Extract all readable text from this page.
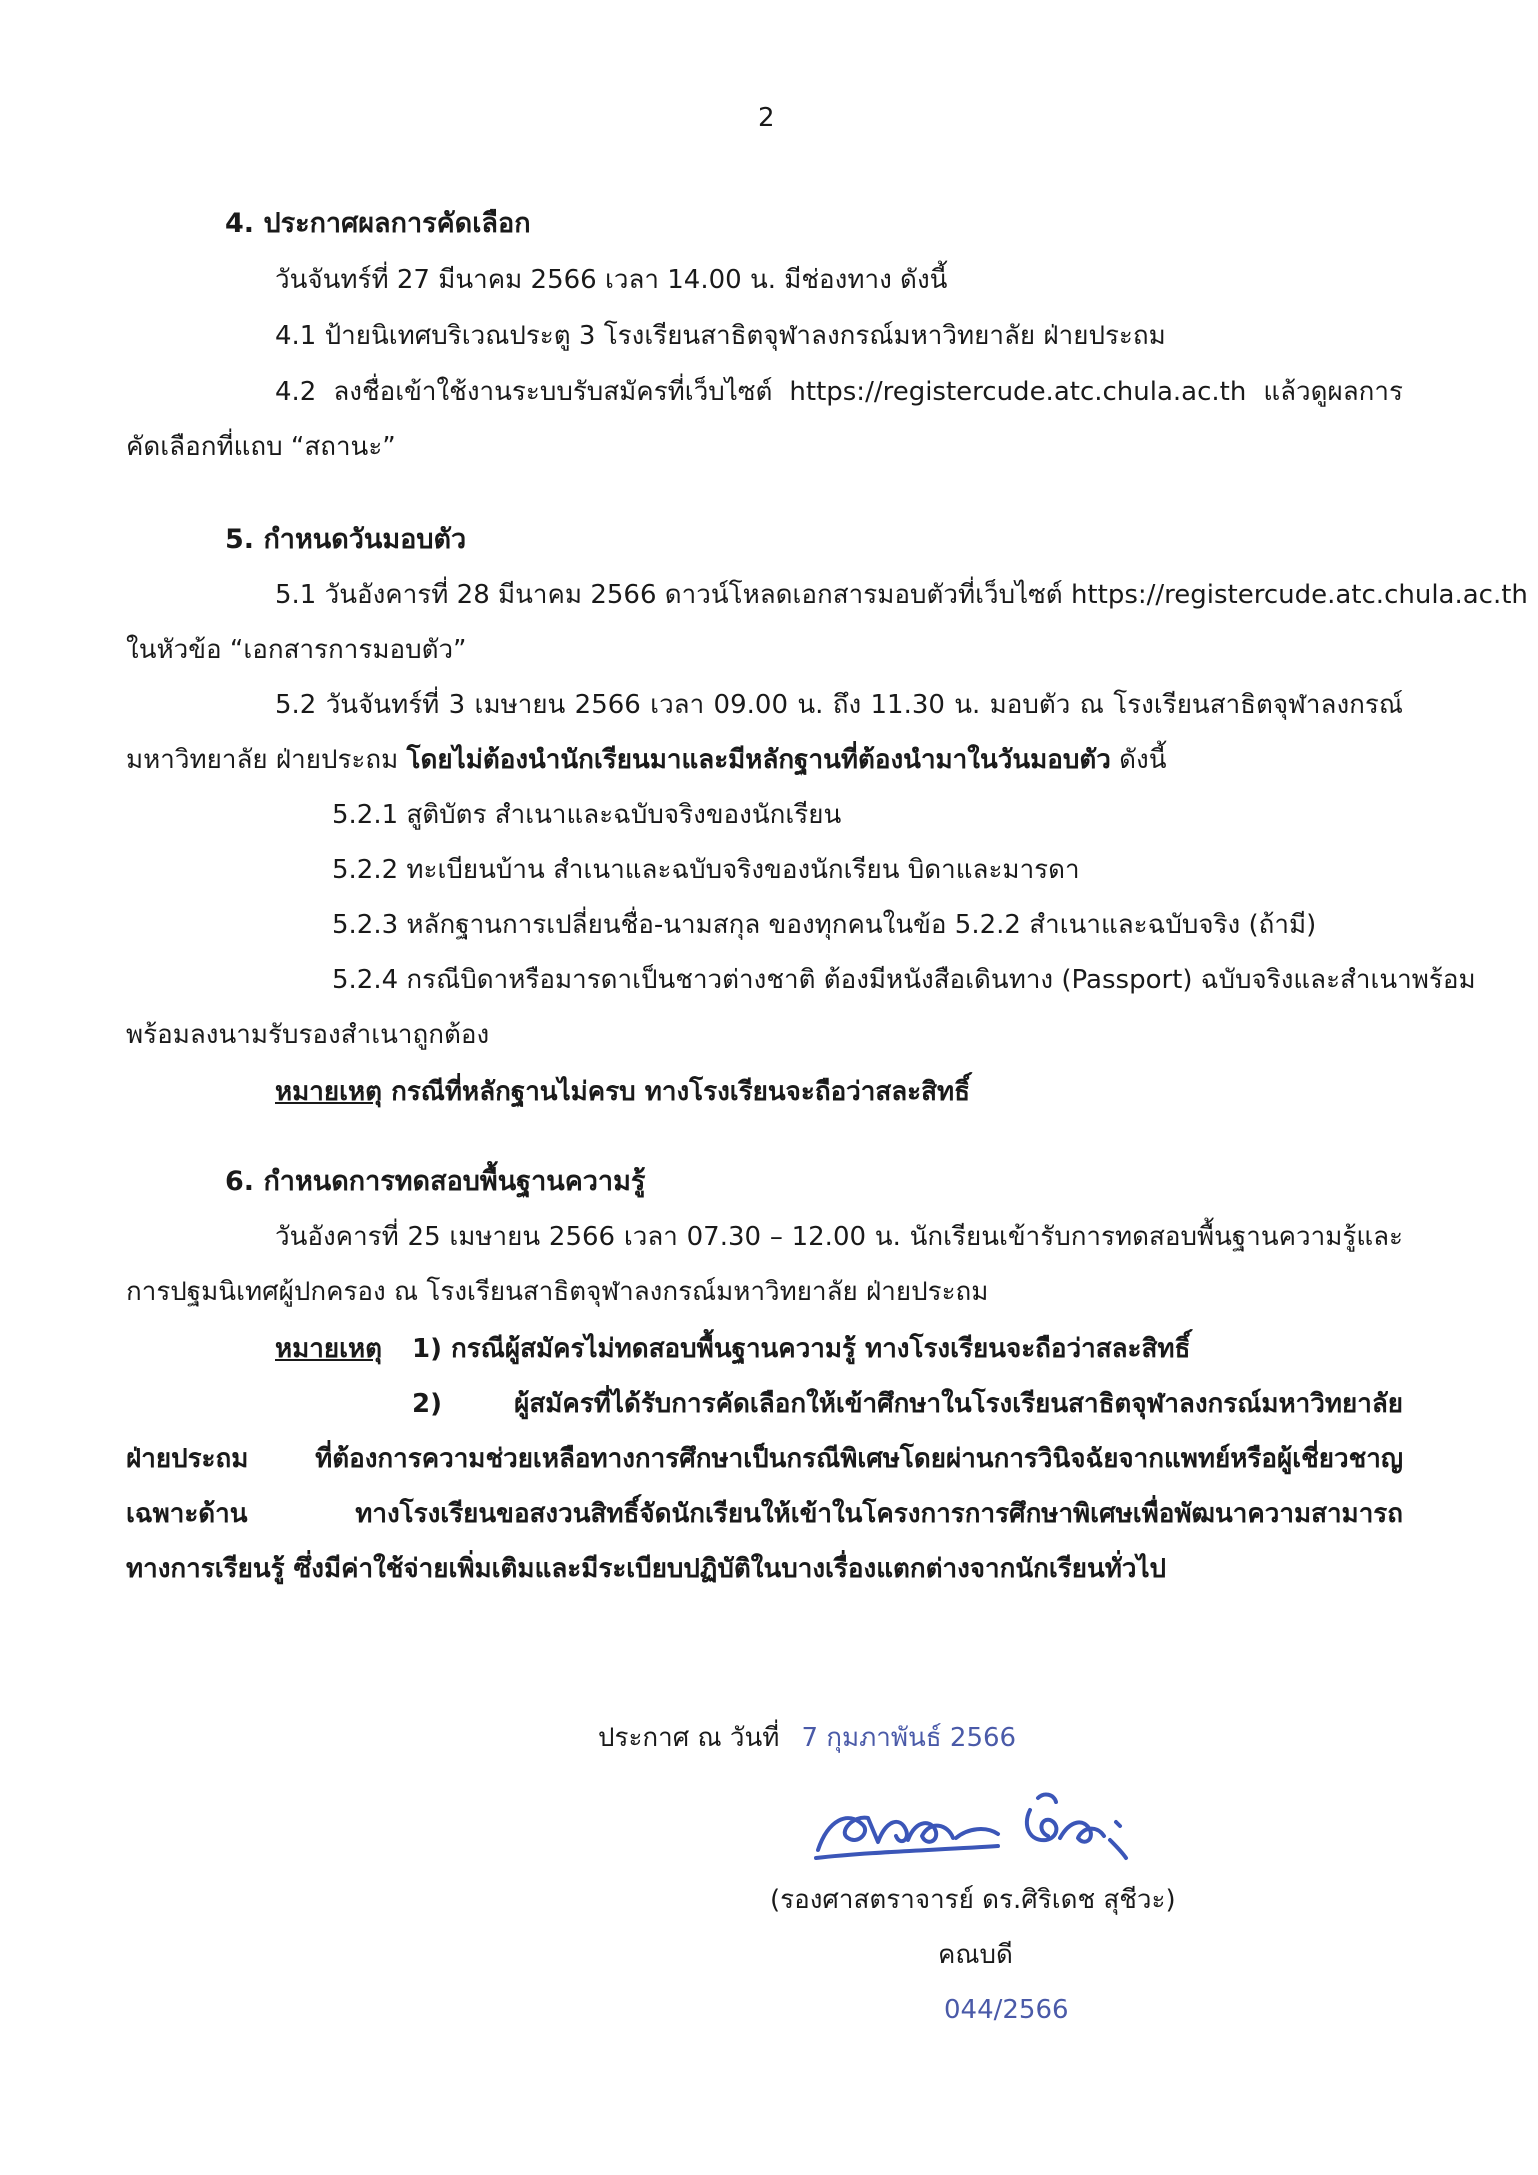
2
4. ประกาศผลการคัดเลือก
วันจันทร์ที่ 27 มีนาคม 2566 เวลา 14.00 น. มีช่องทาง ดังนี้
4.1 ป้ายนิเทศบริเวณประตู 3 โรงเรียนสาธิตจุฬาลงกรณ์มหาวิทยาลัย ฝ่ายประถม
4.2 ลงชื่อเข้าใช้งานระบบรับสมัครที่เว็บไซต์ https://registercude.atc.chula.ac.th แล้วดูผลการ
คัดเลือกที่แถบ “สถานะ”
5. กำหนดวันมอบตัว
5.1 วันอังคารที่ 28 มีนาคม 2566 ดาวน์โหลดเอกสารมอบตัวที่เว็บไซต์ https://registercude.atc.chula.ac.th
ในหัวข้อ “เอกสารการมอบตัว”
5.2 วันจันทร์ที่ 3 เมษายน 2566 เวลา 09.00 น. ถึง 11.30 น. มอบตัว ณ โรงเรียนสาธิตจุฬาลงกรณ์
มหาวิทยาลัย ฝ่ายประถม โดยไม่ต้องนำนักเรียนมาและมีหลักฐานที่ต้องนำมาในวันมอบตัว ดังนี้
5.2.1 สูติบัตร สำเนาและฉบับจริงของนักเรียน
5.2.2 ทะเบียนบ้าน สำเนาและฉบับจริงของนักเรียน บิดาและมารดา
5.2.3 หลักฐานการเปลี่ยนชื่อ-นามสกุล ของทุกคนในข้อ 5.2.2 สำเนาและฉบับจริง (ถ้ามี)
5.2.4 กรณีบิดาหรือมารดาเป็นชาวต่างชาติ ต้องมีหนังสือเดินทาง (Passport) ฉบับจริงและสำเนาพร้อม
พร้อมลงนามรับรองสำเนาถูกต้อง
หมายเหตุ กรณีที่หลักฐานไม่ครบ ทางโรงเรียนจะถือว่าสละสิทธิ์
6. กำหนดการทดสอบพื้นฐานความรู้
วันอังคารที่ 25 เมษายน 2566 เวลา 07.30 – 12.00 น. นักเรียนเข้ารับการทดสอบพื้นฐานความรู้และ
การปฐมนิเทศผู้ปกครอง ณ โรงเรียนสาธิตจุฬาลงกรณ์มหาวิทยาลัย ฝ่ายประถม
หมายเหตุ 1) กรณีผู้สมัครไม่ทดสอบพื้นฐานความรู้ ทางโรงเรียนจะถือว่าสละสิทธิ์
2) ผู้สมัครที่ได้รับการคัดเลือกให้เข้าศึกษาในโรงเรียนสาธิตจุฬาลงกรณ์มหาวิทยาลัย
ฝ่ายประถม ที่ต้องการความช่วยเหลือทางการศึกษาเป็นกรณีพิเศษโดยผ่านการวินิจฉัยจากแพทย์หรือผู้เชี่ยวชาญ
เฉพาะด้าน ทางโรงเรียนขอสงวนสิทธิ์จัดนักเรียนให้เข้าในโครงการการศึกษาพิเศษเพื่อพัฒนาความสามารถ
ทางการเรียนรู้ ซึ่งมีค่าใช้จ่ายเพิ่มเติมและมีระเบียบปฏิบัติในบางเรื่องแตกต่างจากนักเรียนทั่วไป
ประกาศ ณ วันที่ 7 กุมภาพันธ์ 2566
(รองศาสตราจารย์ ดร.ศิริเดช สุชีวะ)
คณบดี
044/2566
